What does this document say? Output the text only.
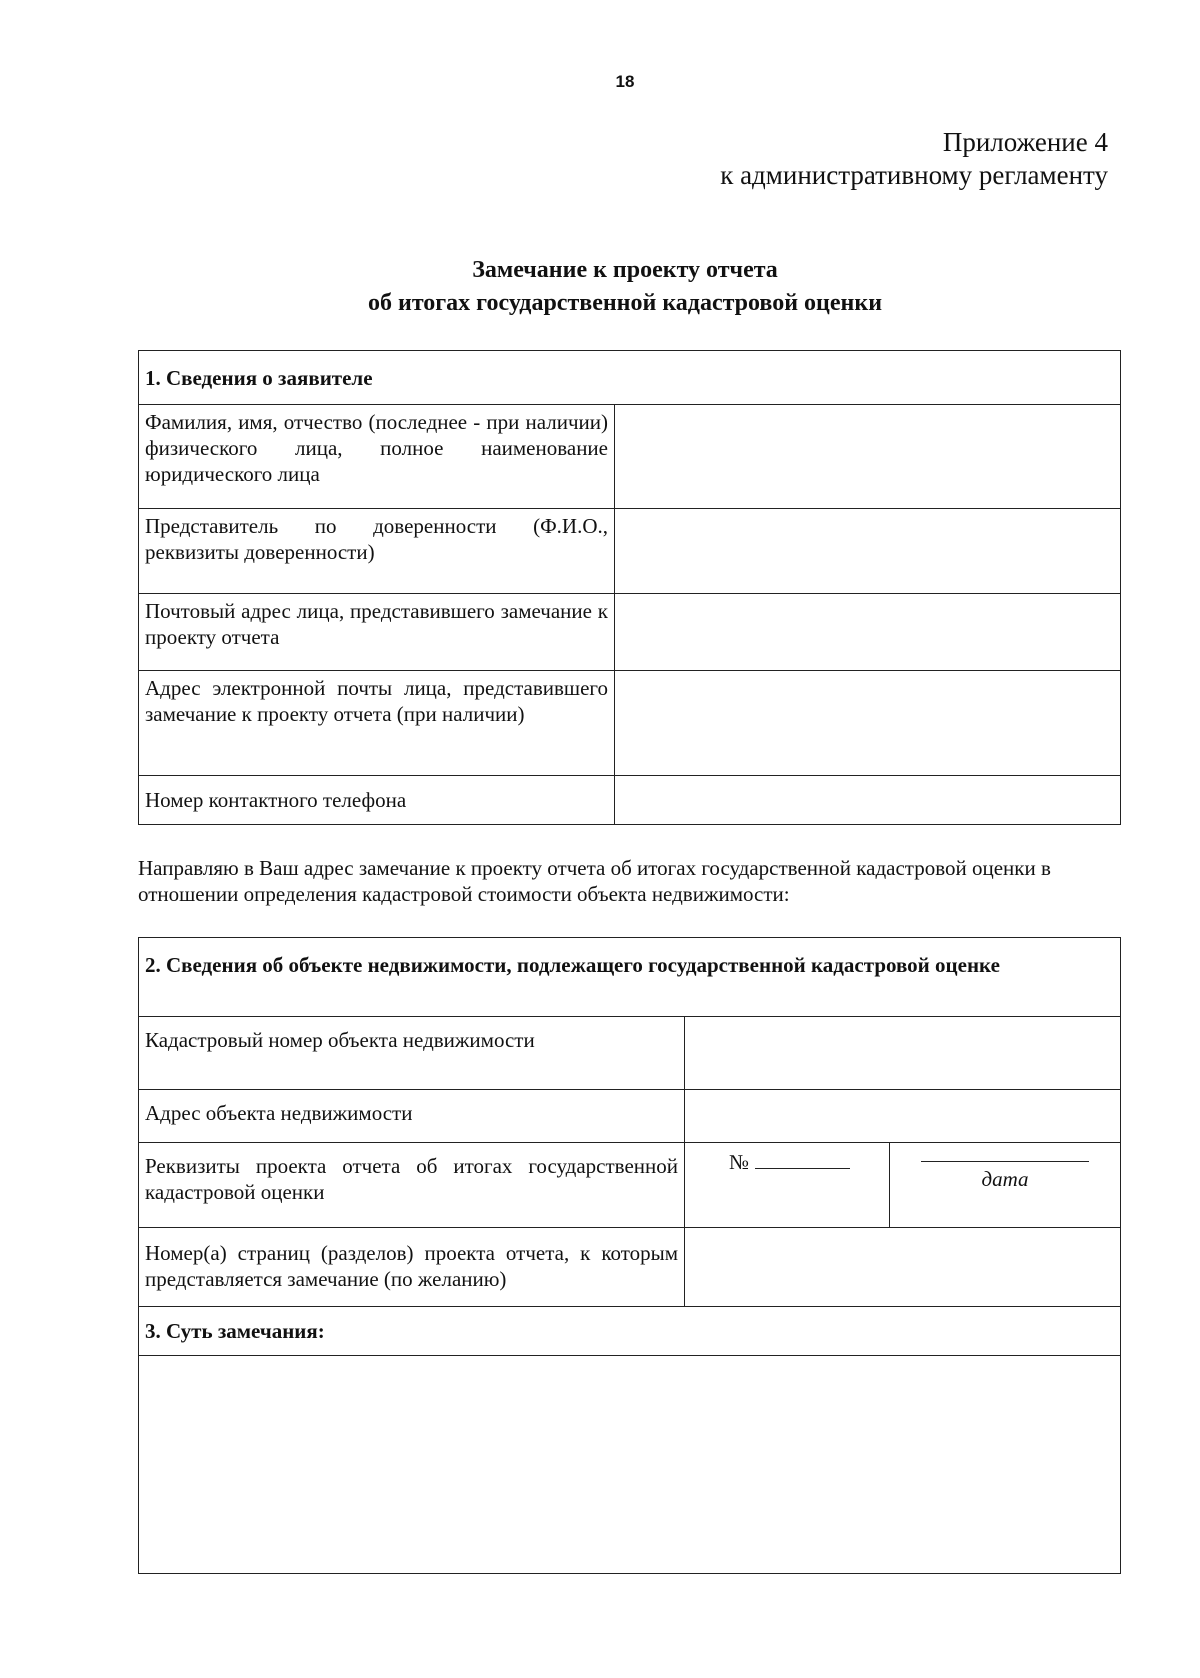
18
Приложение 4
к административному регламенту
Замечание к проекту отчета
об итогах государственной кадастровой оценки
1. Сведения о заявителе	
Фамилия, имя, отчество (последнее - при наличии) физического лица, полное наименование юридического лица	
Представитель по доверенности (Ф.И.О., реквизиты доверенности)	
Почтовый адрес лица, представившего замечание к проекту отчета	
Адрес электронной почты лица, представившего замечание к проекту отчета (при наличии)	
Номер контактного телефона	
Направляю в Ваш адрес замечание к проекту отчета об итогах государственной кадастровой оценки в отношении определения кадастровой стоимости объекта недвижимости:
2. Сведения об объекте недвижимости, подлежащего государственной кадастровой оценке		
Кадастровый номер объекта недвижимости		
Адрес объекта недвижимости		
Реквизиты проекта отчета об итогах государственной кадастровой оценки	№	дата

Номер(а) страниц (разделов) проекта отчета, к которым представляется замечание (по желанию)		
3. Суть замечания:		
